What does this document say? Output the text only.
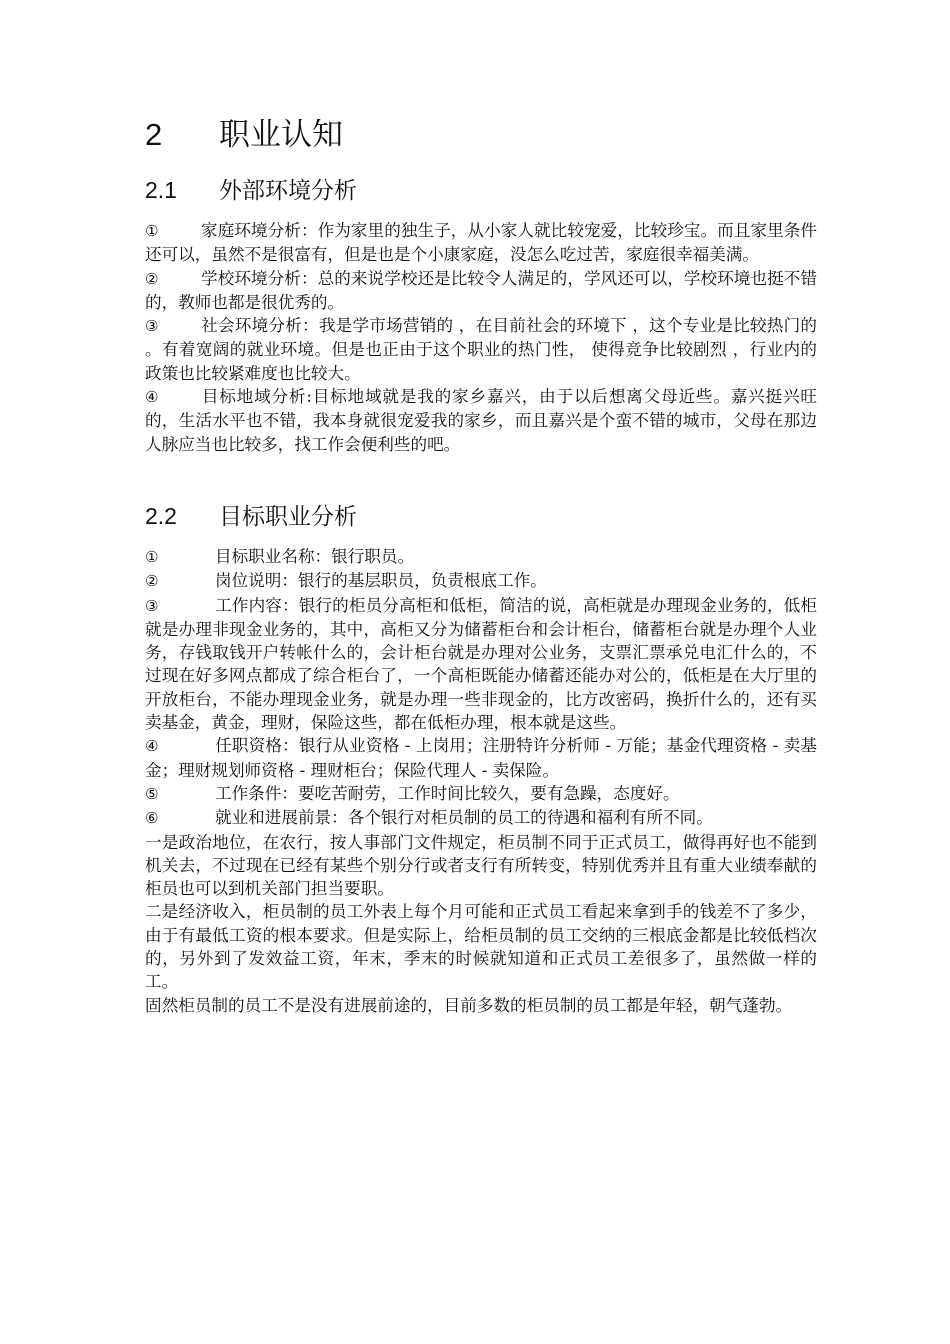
2 职业认知
2.1 外部环境分析

①	家庭环境分析：作为家里的独生子，从小家人就比较宠爱，比较珍宝。而且家里条件还可以，虽然不是很富有，但是也是个小康家庭，没怎么吃过苦，家庭很幸福美满。

②	学校环境分析：总的来说学校还是比较令人满足的，学风还可以，学校环境也挺不错的，教师也都是很优秀的。

③	社会环境分析：我是学市场营销的 ，在目前社会的环境下 ，这个专业是比较热门的 。有着宽阔的就业环境。但是也正由于这个职业的热门性， 使得竞争比较剧烈 ，行业内的政策也比较紧难度也比较大。

④	目标地域分析:目标地域就是我的家乡嘉兴，由于以后想离父母近些。嘉兴挺兴旺的，生活水平也不错，我本身就很宠爱我的家乡，而且嘉兴是个蛮不错的城市，父母在那边人脉应当也比较多，找工作会便利些的吧。

2.2 目标职业分析

①	目标职业名称：银行职员。

②	岗位说明：银行的基层职员，负责根底工作。

③	工作内容：银行的柜员分高柜和低柜，简洁的说，高柜就是办理现金业务的，低柜就是办理非现金业务的，其中，高柜又分为储蓄柜台和会计柜台，储蓄柜台就是办理个人业务，存钱取钱开户转帐什么的，会计柜台就是办理对公业务，支票汇票承兑电汇什么的，不过现在好多网点都成了综合柜台了，一个高柜既能办储蓄还能办对公的，低柜是在大厅里的开放柜台，不能办理现金业务，就是办理一些非现金的，比方改密码，换折什么的，还有买卖基金，黄金，理财，保险这些，都在低柜办理，根本就是这些。

④	任职资格：银行从业资格 - 上岗用；注册特许分析师 - 万能；基金代理资格 - 卖基金；理财规划师资格 - 理财柜台；保险代理人 - 卖保险。

⑤	工作条件：要吃苦耐劳，工作时间比较久，要有急躁，态度好。

⑥	就业和进展前景：各个银行对柜员制的员工的待遇和福利有所不同。

一是政治地位，在农行，按人事部门文件规定，柜员制不同于正式员工，做得再好也不能到机关去，不过现在已经有某些个别分行或者支行有所转变，特别优秀并且有重大业绩奉献的柜员也可以到机关部门担当要职。

二是经济收入，柜员制的员工外表上每个月可能和正式员工看起来拿到手的钱差不了多少，由于有最低工资的根本要求。但是实际上，给柜员制的员工交纳的三根底金都是比较低档次的，另外到了发效益工资，年末，季末的时候就知道和正式员工差很多了，虽然做一样的工。

固然柜员制的员工不是没有进展前途的，目前多数的柜员制的员工都是年轻，朝气蓬勃。
